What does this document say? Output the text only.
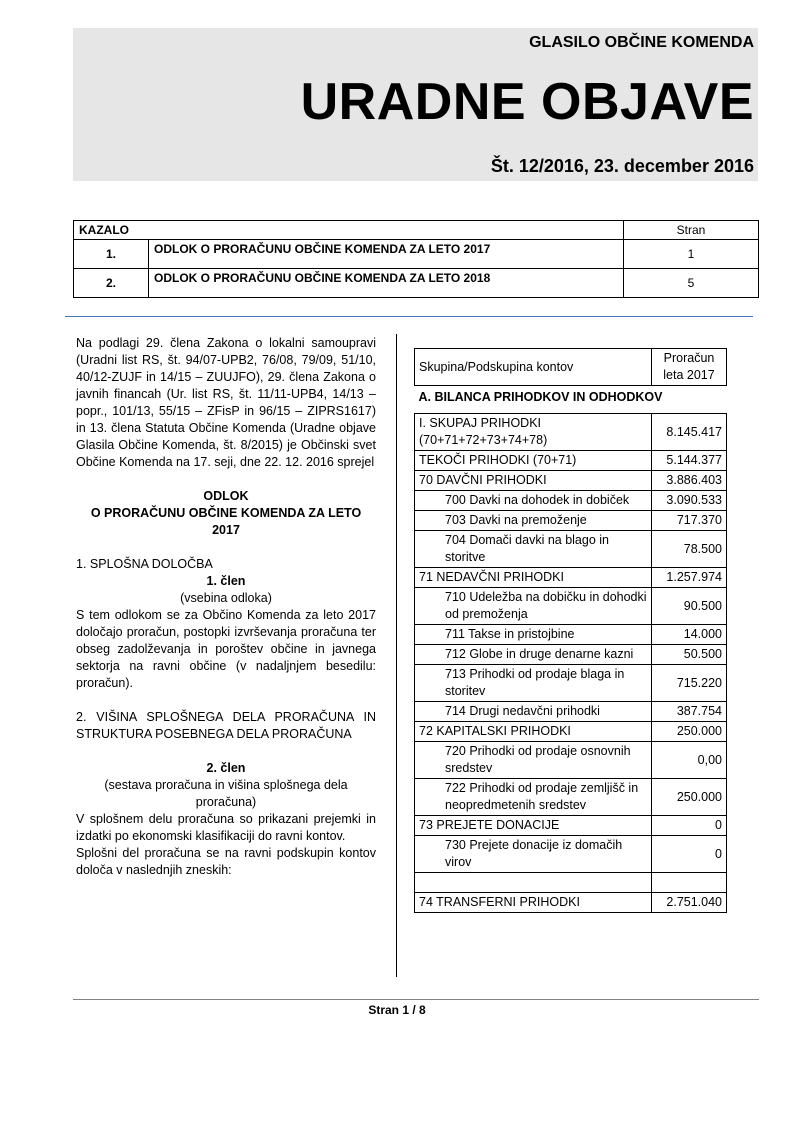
GLASILO OBČINE KOMENDA
URADNE OBJAVE
Št. 12/2016, 23. december 2016
KAZALO		Stran
1.	ODLOK O PRORAČUNU OBČINE KOMENDA ZA LETO 2017	1
2.	ODLOK O PRORAČUNU OBČINE KOMENDA ZA LETO 2018	5

Na podlagi 29. člena Zakona o lokalni samoupravi (Uradni list RS, št. 94/07-UPB2, 76/08, 79/09, 51/10, 40/12-ZUJF in 14/15 – ZUUJFO), 29. člena Zakona o javnih financah (Ur. list RS, št. 11/11-UPB4, 14/13 – popr., 101/13, 55/15 – ZFisP in 96/15 – ZIPRS1617) in 13. člena Statuta Občine Komenda (Uradne objave Glasila Občine Komenda, št. 8/2015) je Občinski svet Občine Komenda na 17. seji, dne 22. 12. 2016 sprejel

ODLOK

O PRORAČUNU OBČINE KOMENDA ZA LETO 2017

1. SPLOŠNA DOLOČBA

1. člen

(vsebina odloka)

S tem odlokom se za Občino Komenda za leto 2017 določajo proračun, postopki izvrševanja proračuna ter obseg zadolževanja in poroštev občine in javnega sektorja na ravni občine (v nadaljnjem besedilu: proračun).

2. VIŠINA SPLOŠNEGA DELA PRORAČUNA IN STRUKTURA POSEBNEGA DELA PRORAČUNA

2. člen

(sestava proračuna in višina splošnega dela proračuna)

V splošnem delu proračuna so prikazani prejemki in izdatki po ekonomski klasifikaciji do ravni kontov.

Splošni del proračuna se na ravni podskupin kontov določa v naslednjih zneskih:

Skupina/Podskupina kontov	Proračun leta 2017
A. BILANCA PRIHODKOV IN ODHODKOV	
I. SKUPAJ PRIHODKI (70+71+72+73+74+78)	8.145.417
TEKOČI PRIHODKI (70+71)	5.144.377
70 DAVČNI PRIHODKI	3.886.403
700 Davki na dohodek in dobiček	3.090.533
703 Davki na premoženje	717.370
704 Domači davki na blago in storitve	78.500
71 NEDAVČNI PRIHODKI	1.257.974
710 Udeležba na dobičku in dohodki od premoženja	90.500
711 Takse in pristojbine	14.000
712 Globe in druge denarne kazni	50.500
713 Prihodki od prodaje blaga in storitev	715.220
714 Drugi nedavčni prihodki	387.754
72 KAPITALSKI PRIHODKI	250.000
720 Prihodki od prodaje osnovnih sredstev	0,00
722 Prihodki od prodaje zemljišč in neopredmetenih sredstev	250.000
73 PREJETE DONACIJE	0
730 Prejete donacije iz domačih virov	0

74 TRANSFERNI PRIHODKI	2.751.040
Stran 1 / 8
